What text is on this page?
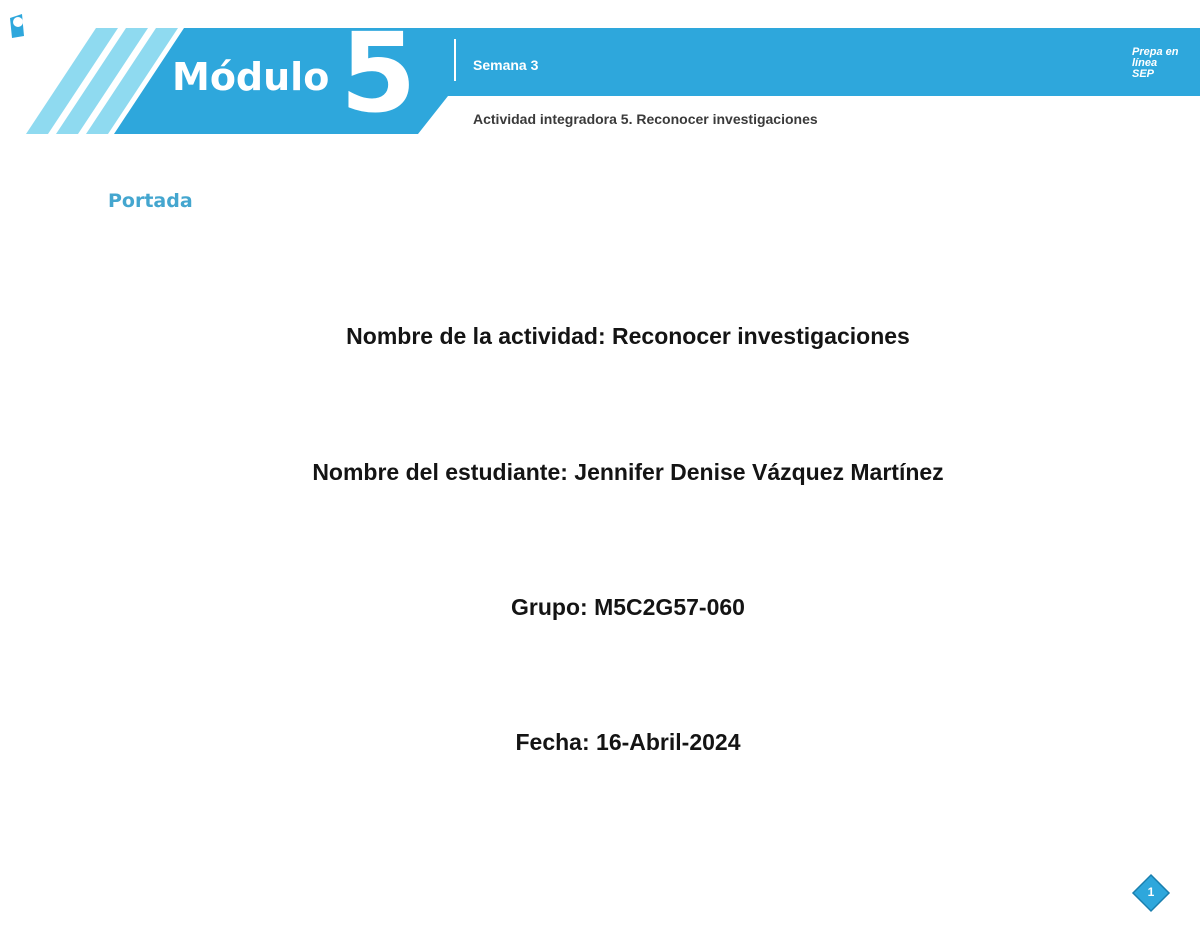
Módulo 5	Semana 3
Actividad integradora 5. Reconocer investigaciones
Prepa en línea SEP
Portada
Nombre de la actividad: Reconocer investigaciones
Nombre del estudiante: Jennifer Denise Vázquez Martínez
Grupo: M5C2G57-060
Fecha: 16-Abril-2024
1
